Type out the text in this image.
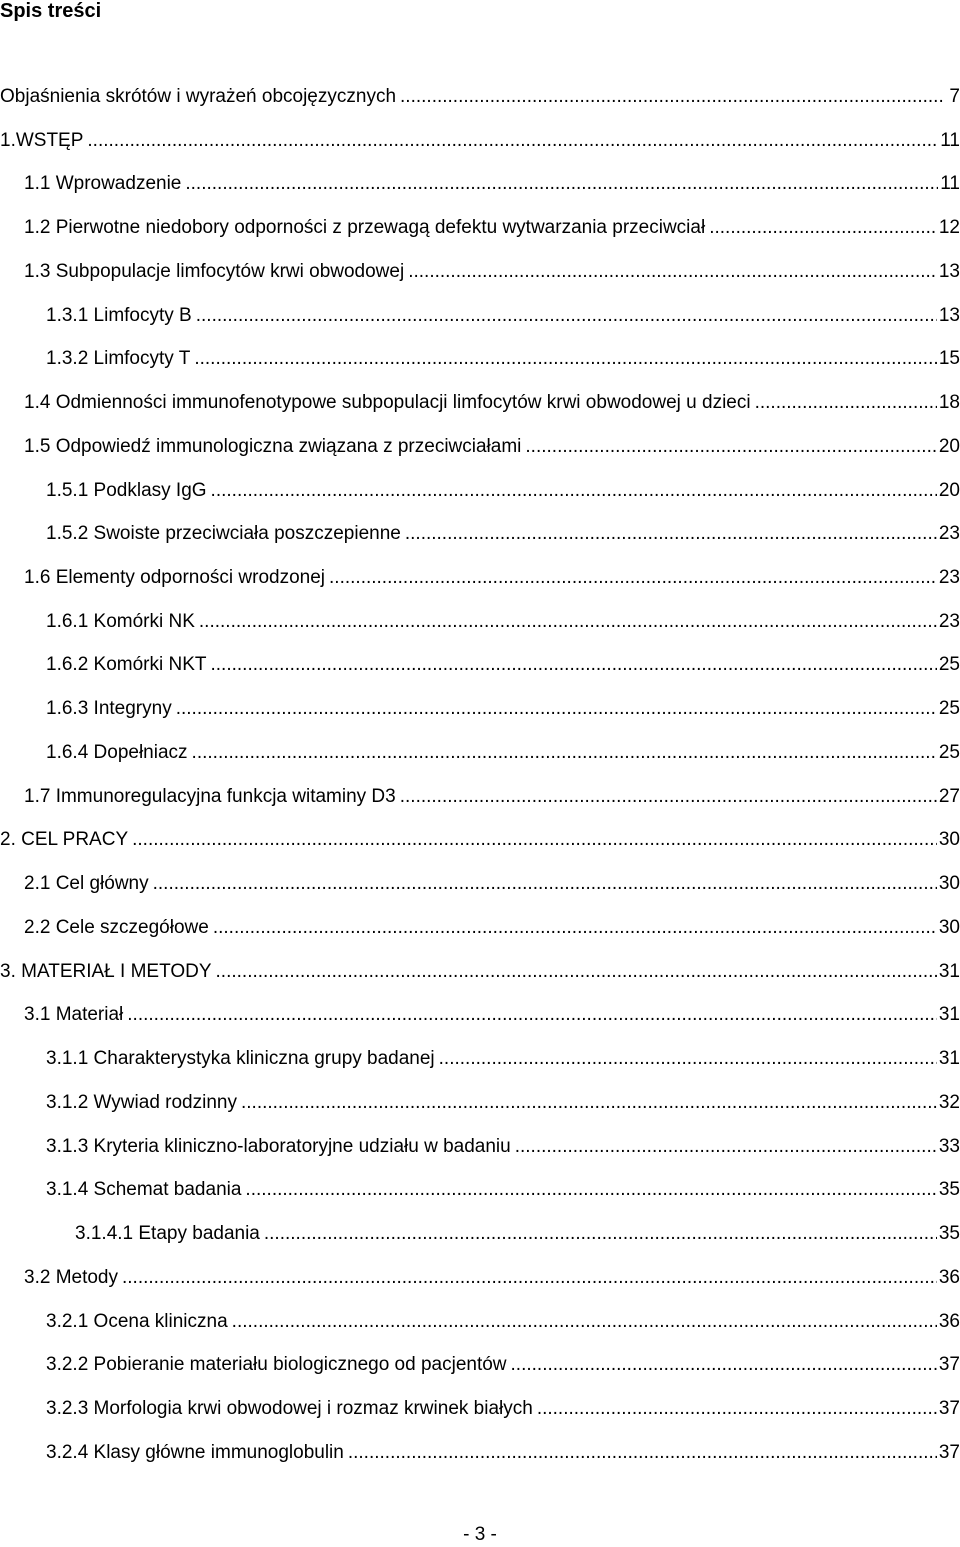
Spis treści
Objaśnienia skrótów i wyrażeń obcojęzycznych .....	7
1.WSTĘP .....	11
1.1 Wprowadzenie .....	11
1.2 Pierwotne niedobory odporności z przewagą defektu wytwarzania przeciwciał .....	12
1.3 Subpopulacje limfocytów krwi obwodowej .....	13
1.3.1 Limfocyty B .....	13
1.3.2 Limfocyty T .....	15
1.4 Odmienności immunofenotypowe subpopulacji limfocytów krwi obwodowej u dzieci .....	18
1.5 Odpowiedź immunologiczna związana z przeciwciałami .....	20
1.5.1 Podklasy IgG .....	20
1.5.2 Swoiste przeciwciała poszczepienne .....	23
1.6 Elementy odporności wrodzonej .....	23
1.6.1 Komórki NK .....	23
1.6.2 Komórki NKT .....	25
1.6.3 Integryny .....	25
1.6.4 Dopełniacz .....	25
1.7 Immunoregulacyjna funkcja witaminy D3 .....	27
2. CEL PRACY .....	30
2.1 Cel główny .....	30
2.2 Cele szczegółowe .....	30
3. MATERIAŁ I METODY .....	31
3.1 Materiał .....	31
3.1.1 Charakterystyka kliniczna grupy badanej .....	31
3.1.2 Wywiad rodzinny .....	32
3.1.3 Kryteria kliniczno-laboratoryjne udziału w badaniu .....	33
3.1.4 Schemat badania .....	35
3.1.4.1 Etapy badania .....	35
3.2 Metody .....	36
3.2.1 Ocena kliniczna .....	36
3.2.2 Pobieranie materiału biologicznego od pacjentów .....	37
3.2.3 Morfologia krwi obwodowej i rozmaz krwinek białych .....	37
3.2.4 Klasy główne immunoglobulin .....	37
- 3 -
